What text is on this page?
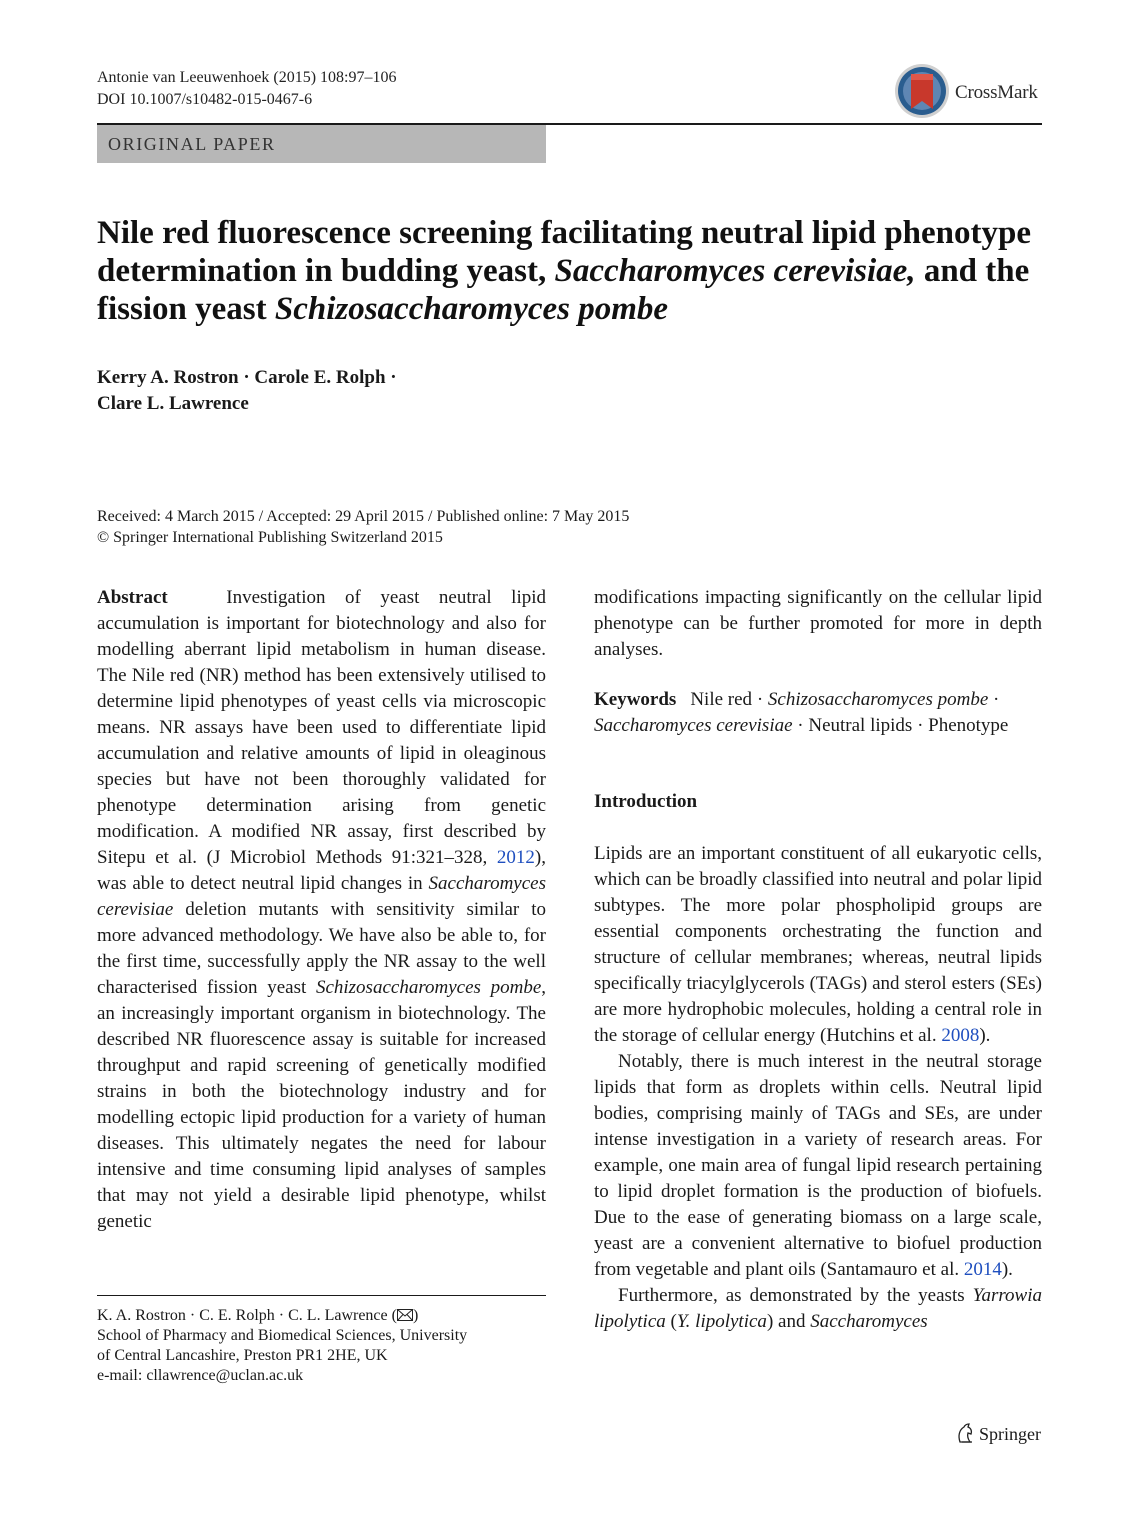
Antonie van Leeuwenhoek (2015) 108:97–106
DOI 10.1007/s10482-015-0467-6	CrossMark
ORIGINAL PAPER
Nile red fluorescence screening facilitating neutral lipid phenotype determination in budding yeast, Saccharomyces cerevisiae, and the fission yeast Schizosaccharomyces pombe
Kerry A. Rostron · Carole E. Rolph ·
Clare L. Lawrence
Received: 4 March 2015 / Accepted: 29 April 2015 / Published online: 7 May 2015
© Springer International Publishing Switzerland 2015
Abstract	Investigation of yeast neutral lipid accumulation is important for biotechnology and also for modelling aberrant lipid metabolism in human disease. The Nile red (NR) method has been extensively utilised to determine lipid phenotypes of yeast cells via microscopic means. NR assays have been used to differentiate lipid accumulation and relative amounts of lipid in oleaginous species but have not been thoroughly validated for phenotype determination arising from genetic modification. A modified NR assay, first described by Sitepu et al. (J Microbiol Methods 91:321–328, 2012), was able to detect neutral lipid changes in Saccharomyces cerevisiae deletion mutants with sensitivity similar to more advanced methodology. We have also be able to, for the first time, successfully apply the NR assay to the well characterised fission yeast Schizosaccharomyces pombe, an increasingly important organism in biotechnology. The described NR fluorescence assay is suitable for increased throughput and rapid screening of genetically modified strains in both the biotechnology industry and for modelling ectopic lipid production for a variety of human diseases. This ultimately negates the need for labour intensive and time consuming lipid analyses of samples that may not yield a desirable lipid phenotype, whilst genetic
modifications impacting significantly on the cellular lipid phenotype can be further promoted for more in depth analyses.
Keywords Nile red · Schizosaccharomyces pombe · Saccharomyces cerevisiae · Neutral lipids · Phenotype
Introduction
Lipids are an important constituent of all eukaryotic cells, which can be broadly classified into neutral and polar lipid subtypes. The more polar phospholipid groups are essential components orchestrating the function and structure of cellular membranes; whereas, neutral lipids specifically triacylglycerols (TAGs) and sterol esters (SEs) are more hydrophobic molecules, holding a central role in the storage of cellular energy (Hutchins et al. 2008).
Notably, there is much interest in the neutral storage lipids that form as droplets within cells. Neutral lipid bodies, comprising mainly of TAGs and SEs, are under intense investigation in a variety of research areas. For example, one main area of fungal lipid research pertaining to lipid droplet formation is the production of biofuels. Due to the ease of generating biomass on a large scale, yeast are a convenient alternative to biofuel production from vegetable and plant oils (Santamauro et al. 2014).
Furthermore, as demonstrated by the yeasts Yarrowia lipolytica (Y. lipolytica) and Saccharomyces
K. A. Rostron · C. E. Rolph · C. L. Lawrence ( )
School of Pharmacy and Biomedical Sciences, University
of Central Lancashire, Preston PR1 2HE, UK
e-mail: cllawrence@uclan.ac.uk
Springer
